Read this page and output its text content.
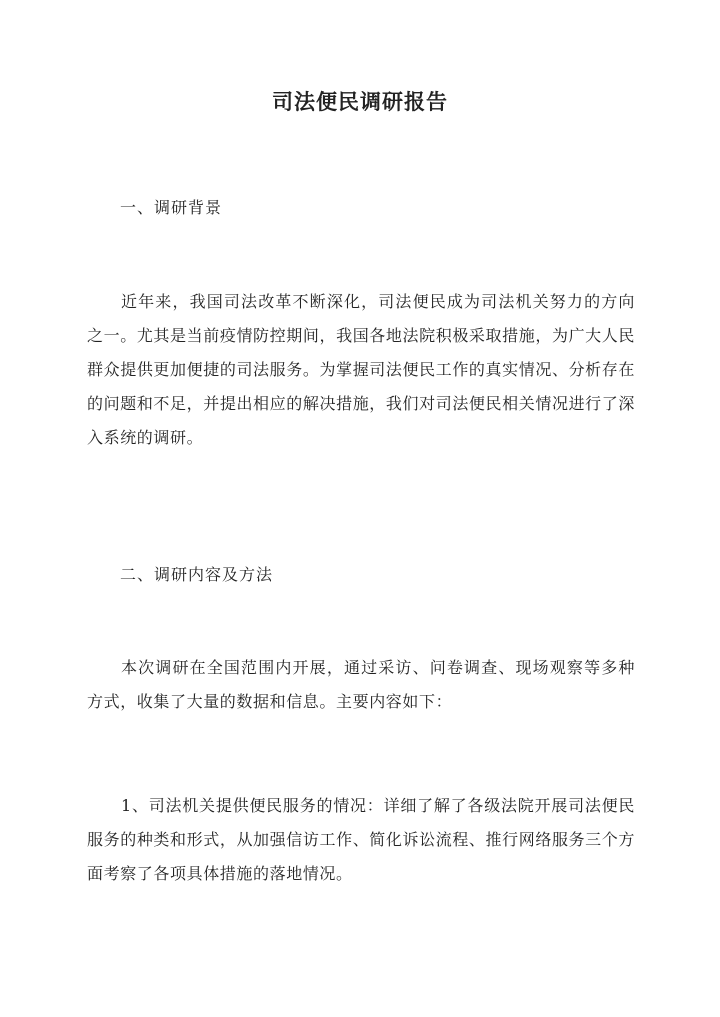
司法便民调研报告

一、调研背景

近年来，我国司法改革不断深化，司法便民成为司法机关努力的方向之一。尤其是当前疫情防控期间，我国各地法院积极采取措施，为广大人民群众提供更加便捷的司法服务。为掌握司法便民工作的真实情况、分析存在的问题和不足，并提出相应的解决措施，我们对司法便民相关情况进行了深入系统的调研。

二、调研内容及方法

本次调研在全国范围内开展，通过采访、问卷调查、现场观察等多种方式，收集了大量的数据和信息。主要内容如下：

1、司法机关提供便民服务的情况：详细了解了各级法院开展司法便民服务的种类和形式，从加强信访工作、简化诉讼流程、推行网络服务三个方面考察了各项具体措施的落地情况。
